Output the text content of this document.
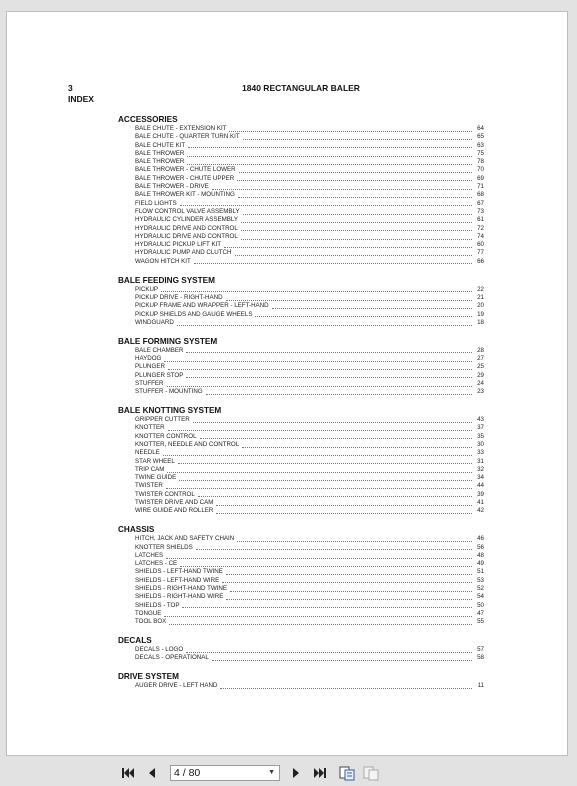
3
INDEX
1840 RECTANGULAR BALER
ACCESSORIES
BALE CHUTE - EXTENSION KIT	64
BALE CHUTE - QUARTER TURN KIT	65
BALE CHUTE KIT	63
BALE THROWER	75
BALE THROWER	78
BALE THROWER - CHUTE LOWER	70
BALE THROWER - CHUTE UPPER	69
BALE THROWER - DRIVE	71
BALE THROWER KIT - MOUNTING	68
FIELD LIGHTS	67
FLOW CONTROL VALVE ASSEMBLY	73
HYDRAULIC CYLINDER ASSEMBLY	61
HYDRAULIC DRIVE AND CONTROL	72
HYDRAULIC DRIVE AND CONTROL	74
HYDRAULIC PICKUP LIFT KIT	60
HYDRAULIC PUMP AND CLUTCH	77
WAGON HITCH KIT	66
BALE FEEDING SYSTEM
PICKUP	22
PICKUP DRIVE - RIGHT-HAND	21
PICKUP FRAME AND WRAPPER - LEFT-HAND	20
PICKUP SHIELDS AND GAUGE WHEELS	19
WINDGUARD	18
BALE FORMING SYSTEM
BALE CHAMBER	28
HAYDOG	27
PLUNGER	25
PLUNGER STOP	29
STUFFER	24
STUFFER - MOUNTING	23
BALE KNOTTING SYSTEM
GRIPPER CUTTER	43
KNOTTER	37
KNOTTER CONTROL	35
KNOTTER, NEEDLE AND CONTROL	30
NEEDLE	33
STAR WHEEL	31
TRIP CAM	32
TWINE GUIDE	34
TWISTER	44
TWISTER CONTROL	39
TWISTER DRIVE AND CAM	41
WIRE GUIDE AND ROLLER	42
CHASSIS
HITCH, JACK AND SAFETY CHAIN	46
KNOTTER SHIELDS	56
LATCHES	48
LATCHES - CE	49
SHIELDS - LEFT-HAND TWINE	51
SHIELDS - LEFT-HAND WIRE	53
SHIELDS - RIGHT-HAND TWINE	52
SHIELDS - RIGHT-HAND WIRE	54
SHIELDS - TOP	50
TONGUE	47
TOOL BOX	55
DECALS
DECALS - LOGO	57
DECALS - OPERATIONAL	58
DRIVE SYSTEM
AUGER DRIVE - LEFT HAND	11
4 / 80	▼
